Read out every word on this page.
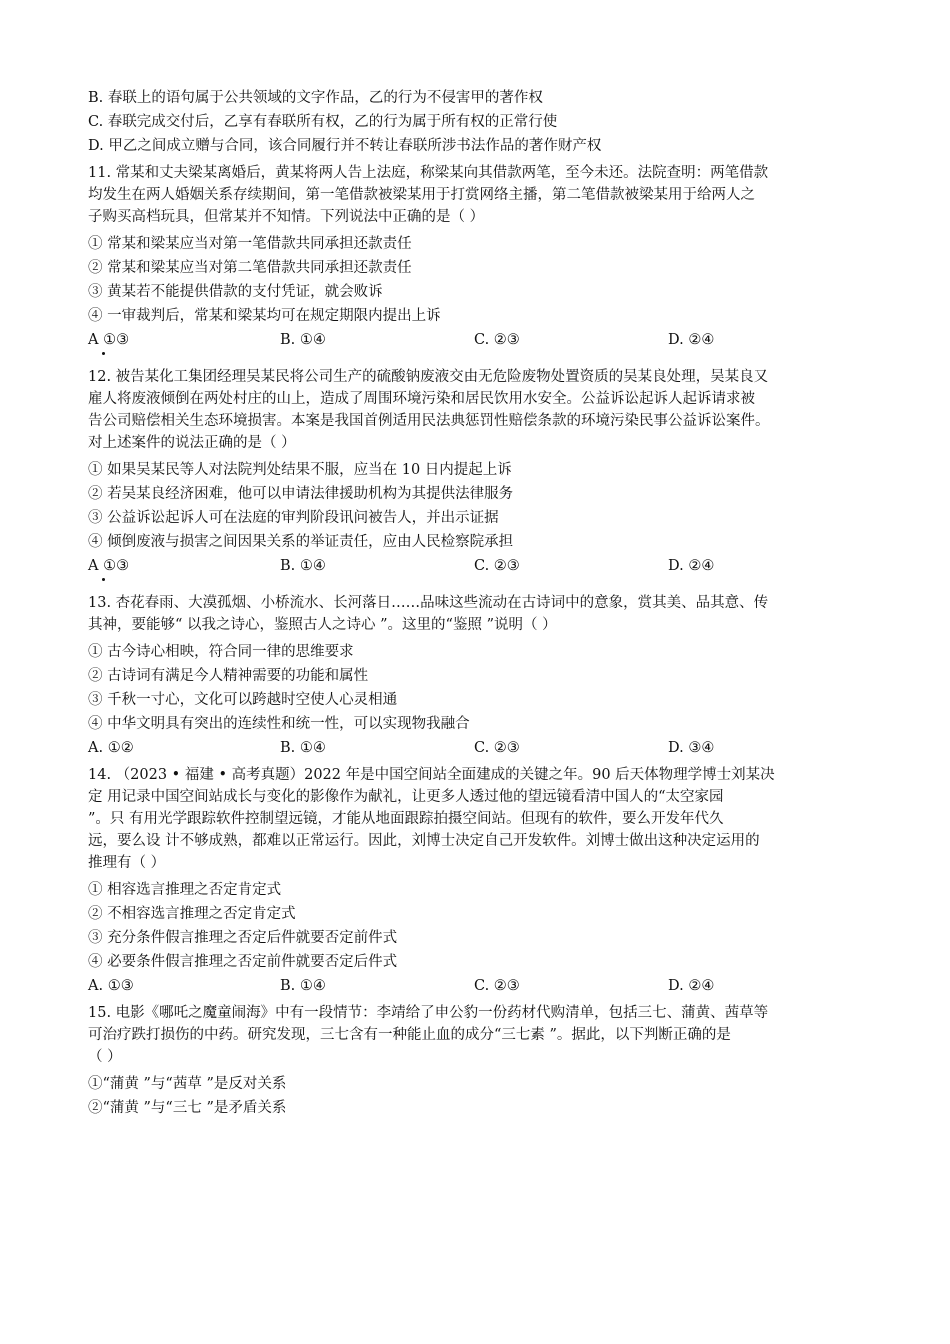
B. 春联上的语句属于公共领域的文字作品，乙的行为不侵害甲的著作权
C. 春联完成交付后，乙享有春联所有权，乙的行为属于所有权的正常行使
D. 甲乙之间成立赠与合同，该合同履行并不转让春联所涉书法作品的著作财产权
11. 常某和丈夫梁某离婚后，黄某将两人告上法庭，称梁某向其借款两笔，至今未还。法院查明：两笔借款
均发生在两人婚姻关系存续期间，第一笔借款被梁某用于打赏网络主播，第二笔借款被梁某用于给两人之
子购买高档玩具，但常某并不知情。下列说法中正确的是（ ）
① 常某和梁某应当对第一笔借款共同承担还款责任
② 常某和梁某应当对第二笔借款共同承担还款责任
③ 黄某若不能提供借款的支付凭证，就会败诉
④ 一审裁判后，常某和梁某均可在规定期限内提出上诉
A ①③	B. ①④	C. ②③	D. ②④
12. 被告某化工集团经理吴某民将公司生产的硫酸钠废液交由无危险废物处置资质的吴某良处理，吴某良又
雇人将废液倾倒在两处村庄的山上，造成了周围环境污染和居民饮用水安全。公益诉讼起诉人起诉请求被
告公司赔偿相关生态环境损害。本案是我国首例适用民法典惩罚性赔偿条款的环境污染民事公益诉讼案件。
对上述案件的说法正确的是（ ）
① 如果吴某民等人对法院判处结果不服，应当在 10 日内提起上诉
② 若吴某良经济困难，他可以申请法律援助机构为其提供法律服务
③ 公益诉讼起诉人可在法庭的审判阶段讯问被告人，并出示证据
④ 倾倒废液与损害之间因果关系的举证责任，应由人民检察院承担
A ①③	B. ①④	C. ②③	D. ②④
13. 杏花春雨、大漠孤烟、小桥流水、长河落日……品味这些流动在古诗词中的意象，赏其美、品其意、传
其神，要能够“ 以我之诗心，鉴照古人之诗心 ”。这里的“鉴照 ”说明（ ）
① 古今诗心相映，符合同一律的思维要求
② 古诗词有满足今人精神需要的功能和属性
③ 千秋一寸心，文化可以跨越时空使人心灵相通
④ 中华文明具有突出的连续性和统一性，可以实现物我融合
A. ①②	B. ①④	C. ②③	D. ③④
14. （2023 • 福建 • 高考真题）2022 年是中国空间站全面建成的关键之年。90 后天体物理学博士刘某决
定 用记录中国空间站成长与变化的影像作为献礼，让更多人透过他的望远镜看清中国人的“太空家园
”。只 有用光学跟踪软件控制望远镜，才能从地面跟踪拍摄空间站。但现有的软件，要么开发年代久
远，要么设 计不够成熟，都难以正常运行。因此，刘博士决定自己开发软件。刘博士做出这种决定运用的
推理有（ ）
① 相容选言推理之否定肯定式
② 不相容选言推理之否定肯定式
③ 充分条件假言推理之否定后件就要否定前件式
④ 必要条件假言推理之否定前件就要否定后件式
A. ①③	B. ①④	C. ②③	D. ②④
15. 电影《哪吒之魔童闹海》中有一段情节：李靖给了申公豹一份药材代购清单，包括三七、蒲黄、茜草等
可治疗跌打损伤的中药。研究发现，三七含有一种能止血的成分“三七素 ”。据此，以下判断正确的是
（ ）
①“蒲黄 ”与“茜草 ”是反对关系
②“蒲黄 ”与“三七 ”是矛盾关系
